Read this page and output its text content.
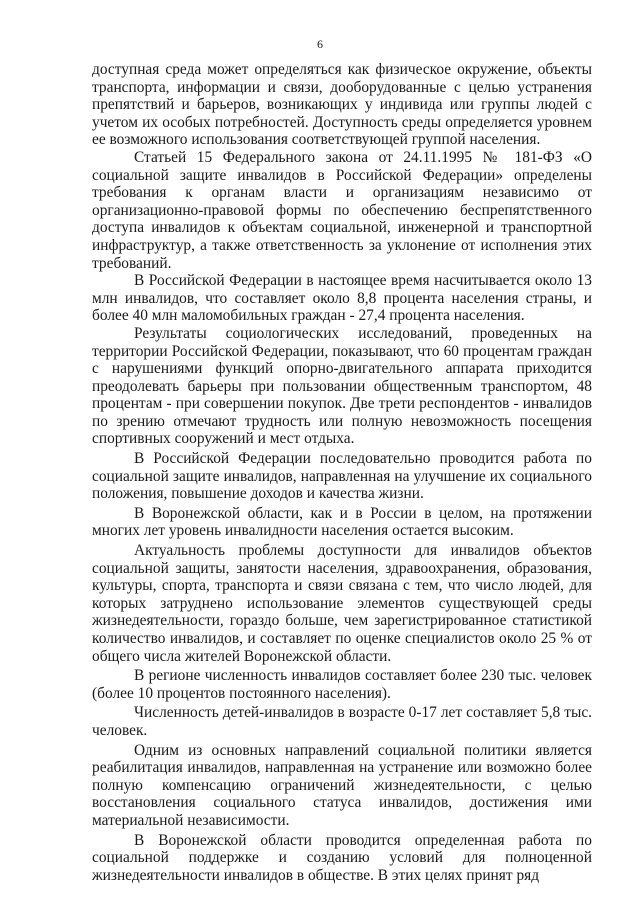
6

доступная среда может определяться как физическое окружение, объекты транспорта, информации и связи, дооборудованные с целью устранения препятствий и барьеров, возникающих у индивида или группы людей с учетом их особых потребностей. Доступность среды определяется уровнем ее возможного использования соответствующей группой населения.

Статьей 15 Федерального закона от 24.11.1995 № 181-ФЗ «О социальной защите инвалидов в Российской Федерации» определены требования к органам власти и организациям независимо от организационно-правовой формы по обеспечению беспрепятственного доступа инвалидов к объектам социальной, инженерной и транспортной инфраструктур, а также ответственность за уклонение от исполнения этих требований.

В Российской Федерации в настоящее время насчитывается около 13 млн инвалидов, что составляет около 8,8 процента населения страны, и более 40 млн маломобильных граждан - 27,4 процента населения.

Результаты социологических исследований, проведенных на территории Российской Федерации, показывают, что 60 процентам граждан с нарушениями функций опорно-двигательного аппарата приходится преодолевать барьеры при пользовании общественным транспортом, 48 процентам - при совершении покупок. Две трети респондентов - инвалидов по зрению отмечают трудность или полную невозможность посещения спортивных сооружений и мест отдыха.

В Российской Федерации последовательно проводится работа по социальной защите инвалидов, направленная на улучшение их социального положения, повышение доходов и качества жизни.

В Воронежской области, как и в России в целом, на протяжении многих лет уровень инвалидности населения остается высоким.

Актуальность проблемы доступности для инвалидов объектов социальной защиты, занятости населения, здравоохранения, образования, культуры, спорта, транспорта и связи связана с тем, что число людей, для которых затруднено использование элементов существующей среды жизнедеятельности, гораздо больше, чем зарегистрированное статистикой количество инвалидов, и составляет по оценке специалистов около 25 % от общего числа жителей Воронежской области.

В регионе численность инвалидов составляет более 230 тыс. человек (более 10 процентов постоянного населения).

Численность детей-инвалидов в возрасте 0-17 лет составляет 5,8 тыс. человек.

Одним из основных направлений социальной политики является реабилитация инвалидов, направленная на устранение или возможно более полную компенсацию ограничений жизнедеятельности, с целью восстановления социального статуса инвалидов, достижения ими материальной независимости.

В Воронежской области проводится определенная работа по социальной поддержке и созданию условий для полноценной жизнедеятельности инвалидов в обществе. В этих целях принят ряд
